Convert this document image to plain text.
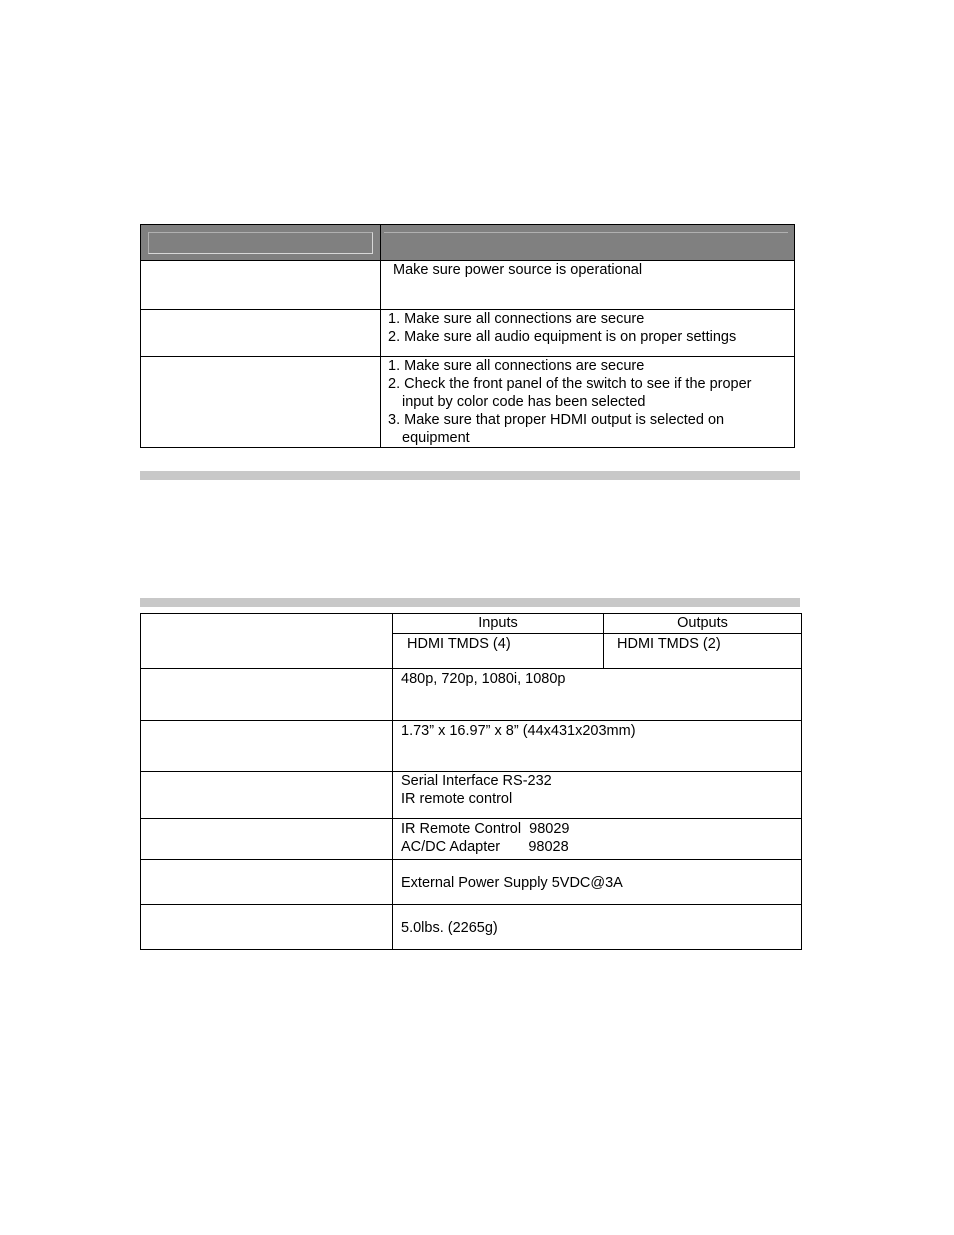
Make sure power source is operational
1. Make sure all connections are secure
2. Make sure all audio equipment is on proper settings
1. Make sure all connections are secure
2. Check the front panel of the switch to see if the proper
input by color code has been selected
3. Make sure that proper HDMI output is selected on
equipment
Inputs	Outputs
HDMI TMDS (4)	HDMI TMDS (2)
480p, 720p, 1080i, 1080p
1.73” x 16.97” x 8” (44x431x203mm)
Serial Interface RS-232
IR remote control
IR Remote Control  98029
AC/DC Adapter       98028
External Power Supply 5VDC@3A
5.0lbs. (2265g)
